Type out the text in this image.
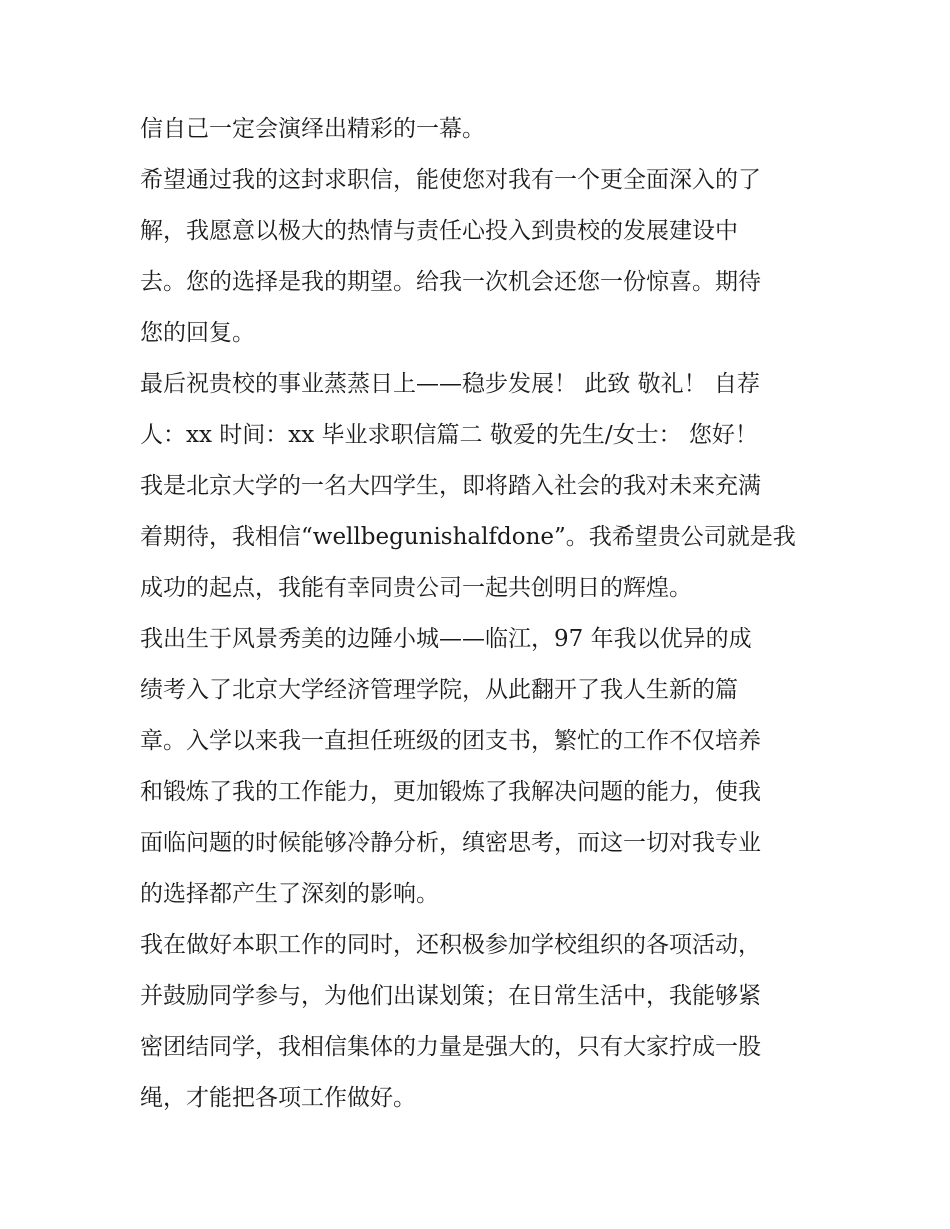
信自己一定会演绎出精彩的一幕。
希望通过我的这封求职信，能使您对我有一个更全面深入的了
解，我愿意以极大的热情与责任心投入到贵校的发展建设中
去。您的选择是我的期望。给我一次机会还您一份惊喜。期待
您的回复。
最后祝贵校的事业蒸蒸日上——稳步发展！ 此致 敬礼！ 自荐
人：xx 时间：xx 毕业求职信篇二 敬爱的先生/女士： 您好！
我是北京大学的一名大四学生，即将踏入社会的我对未来充满
着期待，我相信“wellbegunishalfdone”。我希望贵公司就是我
成功的起点，我能有幸同贵公司一起共创明日的辉煌。
我出生于风景秀美的边陲小城——临江，97 年我以优异的成
绩考入了北京大学经济管理学院，从此翻开了我人生新的篇
章。入学以来我一直担任班级的团支书，繁忙的工作不仅培养
和锻炼了我的工作能力，更加锻炼了我解决问题的能力，使我
面临问题的时候能够冷静分析，缜密思考，而这一切对我专业
的选择都产生了深刻的影响。
我在做好本职工作的同时，还积极参加学校组织的各项活动，
并鼓励同学参与，为他们出谋划策；在日常生活中，我能够紧
密团结同学，我相信集体的力量是强大的，只有大家拧成一股
绳，才能把各项工作做好。
